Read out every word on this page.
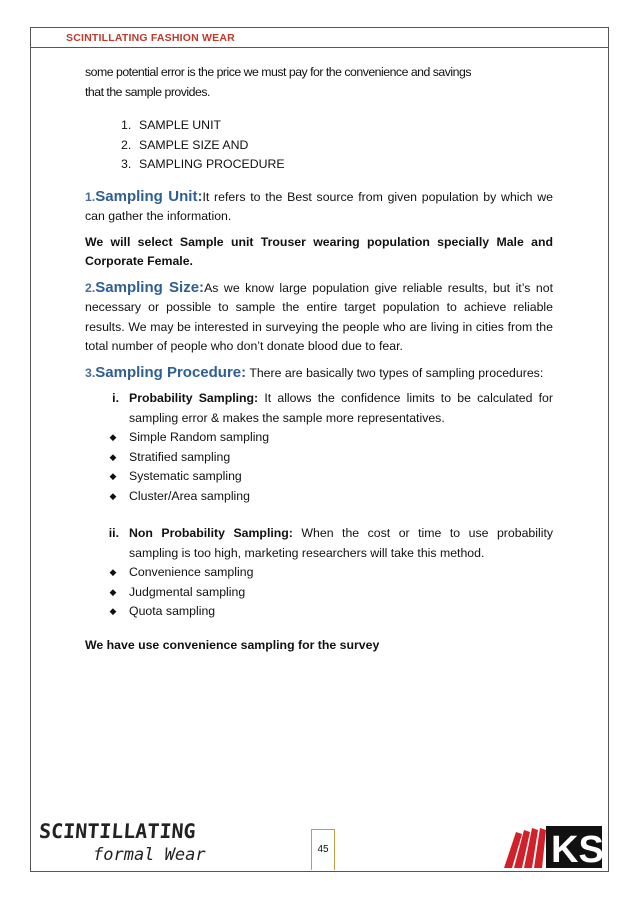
SCINTILLATING FASHION WEAR

some potential error is the price we must pay for the convenience and savings

that the sample provides.

1. SAMPLE UNIT
2. SAMPLE SIZE AND
3. SAMPLING PROCEDURE

1.Sampling Unit:It refers to the Best source from given population by which we can gather the information.

We will select Sample unit Trouser wearing population specially Male and Corporate Female.

2.Sampling Size:As we know large population give reliable results, but it’s not necessary or possible to sample the entire target population to achieve reliable results. We may be interested in surveying the people who are living in cities from the total number of people who don’t donate blood due to fear.

3.Sampling Procedure: There are basically two types of sampling procedures:

i. Probability Sampling: It allows the confidence limits to be calculated for sampling error & makes the sample more representatives.
◆	Simple Random sampling
◆	Stratified sampling
◆	Systematic sampling
◆	Cluster/Area sampling
ii. Non Probability Sampling: When the cost or time to use probability sampling is too high, marketing researchers will take this method.
◆	Convenience sampling
◆	Judgmental sampling
◆	Quota sampling

We have use convenience sampling for the survey

SCINTILLATING
formal Wear	45	KS
